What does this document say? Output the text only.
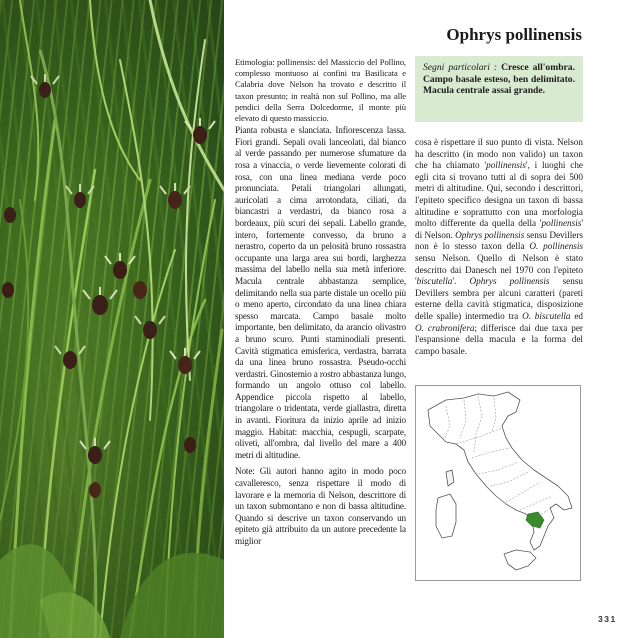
Ophrys pollinensis

Etimologia: pollinensis: del Massiccio del Pollino, complesso montuoso ai confini tra Basilicata e Calabria dove Nelson ha trovato e descritto il taxon presunto; in realtà non sul Pollino, ma alle pendici della Serra Dolcedorme, il monte più elevato di questo massiccio.

Pianta robusta e slanciata. Infiorescenza lassa. Fiori grandi. Sepali ovali lanceolati, dal bianco al verde passando per numerose sfumature da rosa a vinaccia, o verde lievemente colorati di rosa, con una linea mediana verde poco pronunciata. Petali triangolari allungati, auricolati a cima arrotondata, ciliati, da biancastri a verdastri, da bianco rosa a bordeaux, più scuri dei sepali. Labello grande, intero, fortemente convesso, da bruno a nerastro, coperto da un pelosità bruno rossastra occupante una larga area sui bordi, larghezza massima del labello nella sua metà inferiore. Macula centrale abbastanza semplice, delimitando nella sua parte distale un ocello più o meno aperto, circondato da una linea chiara spesso marcata. Campo basale molto importante, ben delimitato, da arancio olivastro a bruno scuro. Punti staminodiali presenti. Cavità stigmatica emisferica, verdastra, barrata da una linea bruno rossastra. Pseudo-occhi verdastri. Ginostemio a rostro abbastanza lungo, formando un angolo ottuso col labello. Appendice piccola rispetto al labello, triangolare o tridentata, verde giallastra, diretta in avanti. Fioritura da inizio aprile ad inizio maggio. Habitat: macchia, cespugli, scarpate, oliveti, all'ombra, dal livello del mare a 400 metri di altitudine.

Note: Gli autori hanno agito in modo poco cavalleresco, senza rispettare il modo di lavorare e la memoria di Nelson, descrittore di un taxon submontano e non di bassa altitudine. Quando si descrive un taxon conservando un epiteto già attribuito da un autore precedente la miglior

Segni particolari : Cresce all'ombra. Campo basale esteso, ben delimitato. Macula centrale assai grande.

cosa è rispettare il suo punto di vista. Nelson ha descritto (in modo non valido) un taxon che ha chiamato 'pollinensis', i luoghi che egli cita si trovano tutti al di sopra dei 500 metri di altitudine. Qui, secondo i descrittori, l'epiteto specifico designa un taxon di bassa altitudine e soprattutto con una morfologia molto differente da quella della 'pollinensis' di Nelson. Ophrys pollinensis sensu Devillers non è lo stesso taxon della O. pollinensis sensu Nelson. Quello di Nelson è stato descritto dai Danesch nel 1970 con l'epiteto 'biscutella'. Ophrys pollinensis sensu Devillers sembra per alcuni caratteri (pareti esterne della cavità stigmatica, disposizione delle spalle) intermedio tra O. biscutella ed O. crabronifera; differisce dai due taxa per l'espansione della macula e la forma del campo basale.

331
